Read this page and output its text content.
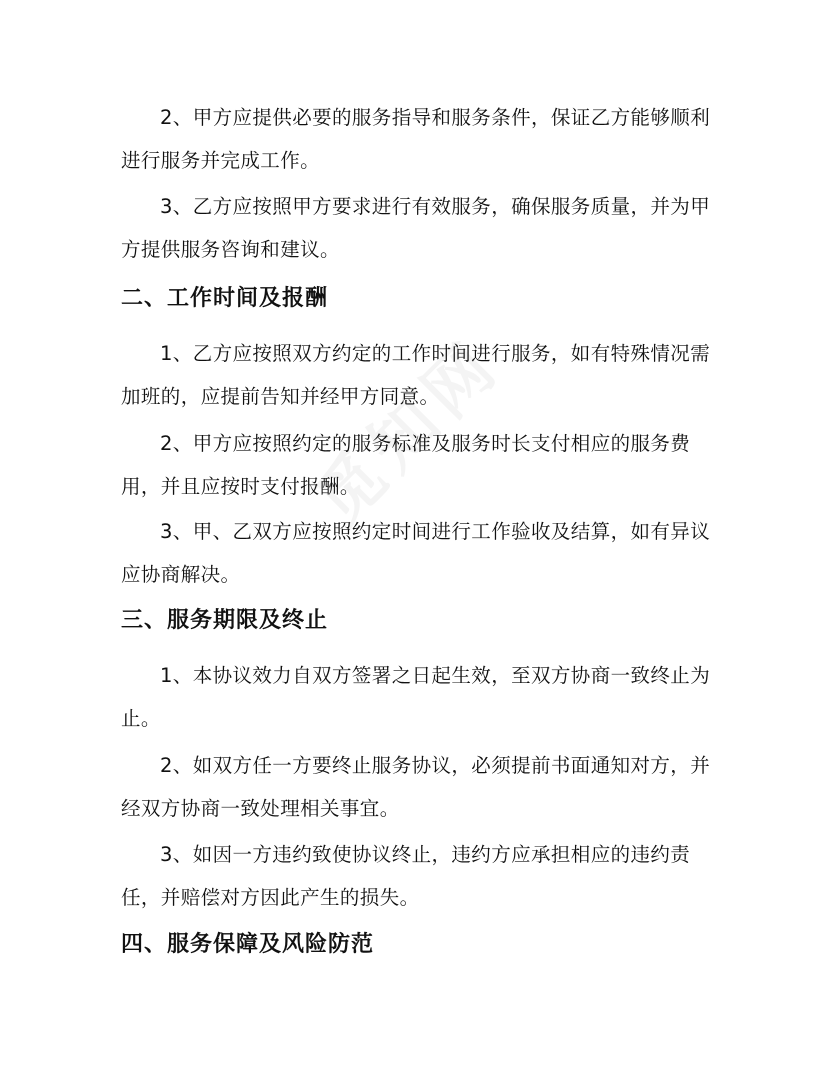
2、甲方应提供必要的服务指导和服务条件，保证乙方能够顺利进行服务并完成工作。

3、乙方应按照甲方要求进行有效服务，确保服务质量，并为甲方提供服务咨询和建议。

二、工作时间及报酬

1、乙方应按照双方约定的工作时间进行服务，如有特殊情况需加班的，应提前告知并经甲方同意。

2、甲方应按照约定的服务标准及服务时长支付相应的服务费用，并且应按时支付报酬。

3、甲、乙双方应按照约定时间进行工作验收及结算，如有异议应协商解决。

三、服务期限及终止

1、本协议效力自双方签署之日起生效，至双方协商一致终止为止。

2、如双方任一方要终止服务协议，必须提前书面通知对方，并经双方协商一致处理相关事宜。

3、如因一方违约致使协议终止，违约方应承担相应的违约责任，并赔偿对方因此产生的损失。

四、服务保障及风险防范
